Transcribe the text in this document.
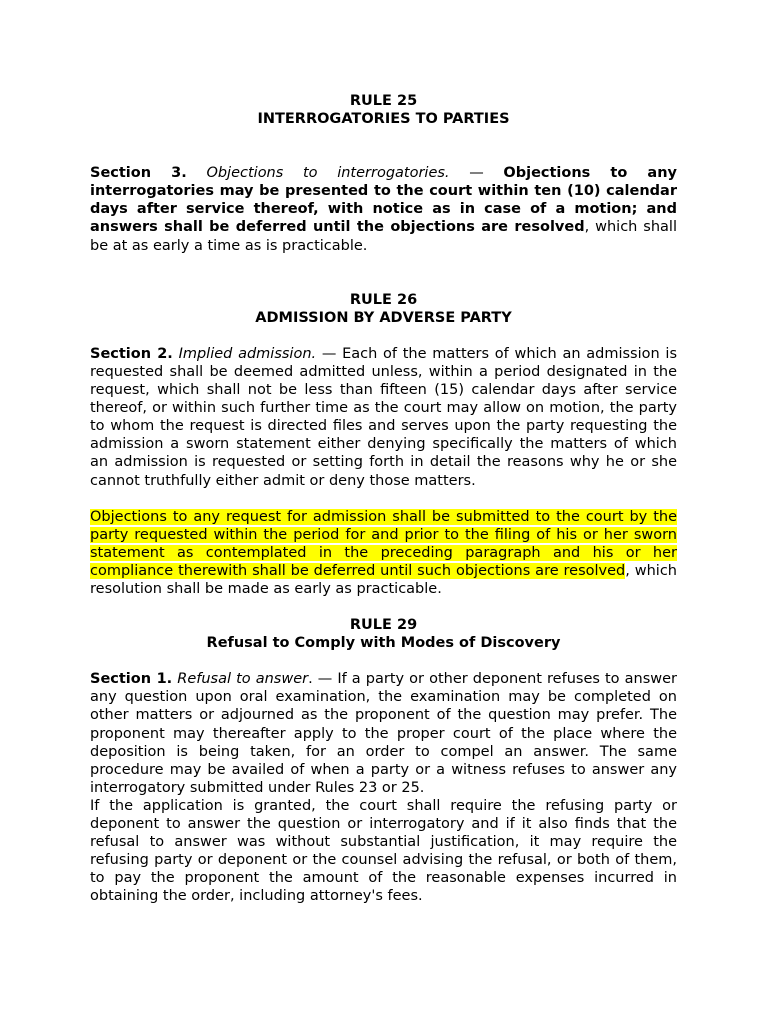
RULE 25

INTERROGATORIES TO PARTIES

Section 3. Objections to interrogatories. — Objections to any interrogatories may be presented to the court within ten (10) calendar days after service thereof, with notice as in case of a motion; and answers shall be deferred until the objections are resolved, which shall be at as early a time as is practicable.

RULE 26

ADMISSION BY ADVERSE PARTY

Section 2. Implied admission. — Each of the matters of which an admission is requested shall be deemed admitted unless, within a period designated in the request, which shall not be less than fifteen (15) calendar days after service thereof, or within such further time as the court may allow on motion, the party to whom the request is directed files and serves upon the party requesting the admission a sworn statement either denying specifically the matters of which an admission is requested or setting forth in detail the reasons why he or she cannot truthfully either admit or deny those matters.

Objections to any request for admission shall be submitted to the court by the party requested within the period for and prior to the filing of his or her sworn statement as contemplated in the preceding paragraph and his or her compliance therewith shall be deferred until such objections are resolved, which resolution shall be made as early as practicable.

RULE 29

Refusal to Comply with Modes of Discovery

Section 1. Refusal to answer. — If a party or other deponent refuses to answer any question upon oral examination, the examination may be completed on other matters or adjourned as the proponent of the question may prefer. The proponent may thereafter apply to the proper court of the place where the deposition is being taken, for an order to compel an answer. The same procedure may be availed of when a party or a witness refuses to answer any interrogatory submitted under Rules 23 or 25.

If the application is granted, the court shall require the refusing party or deponent to answer the question or interrogatory and if it also finds that the refusal to answer was without substantial justification, it may require the refusing party or deponent or the counsel advising the refusal, or both of them, to pay the proponent the amount of the reasonable expenses incurred in obtaining the order, including attorney's fees.
